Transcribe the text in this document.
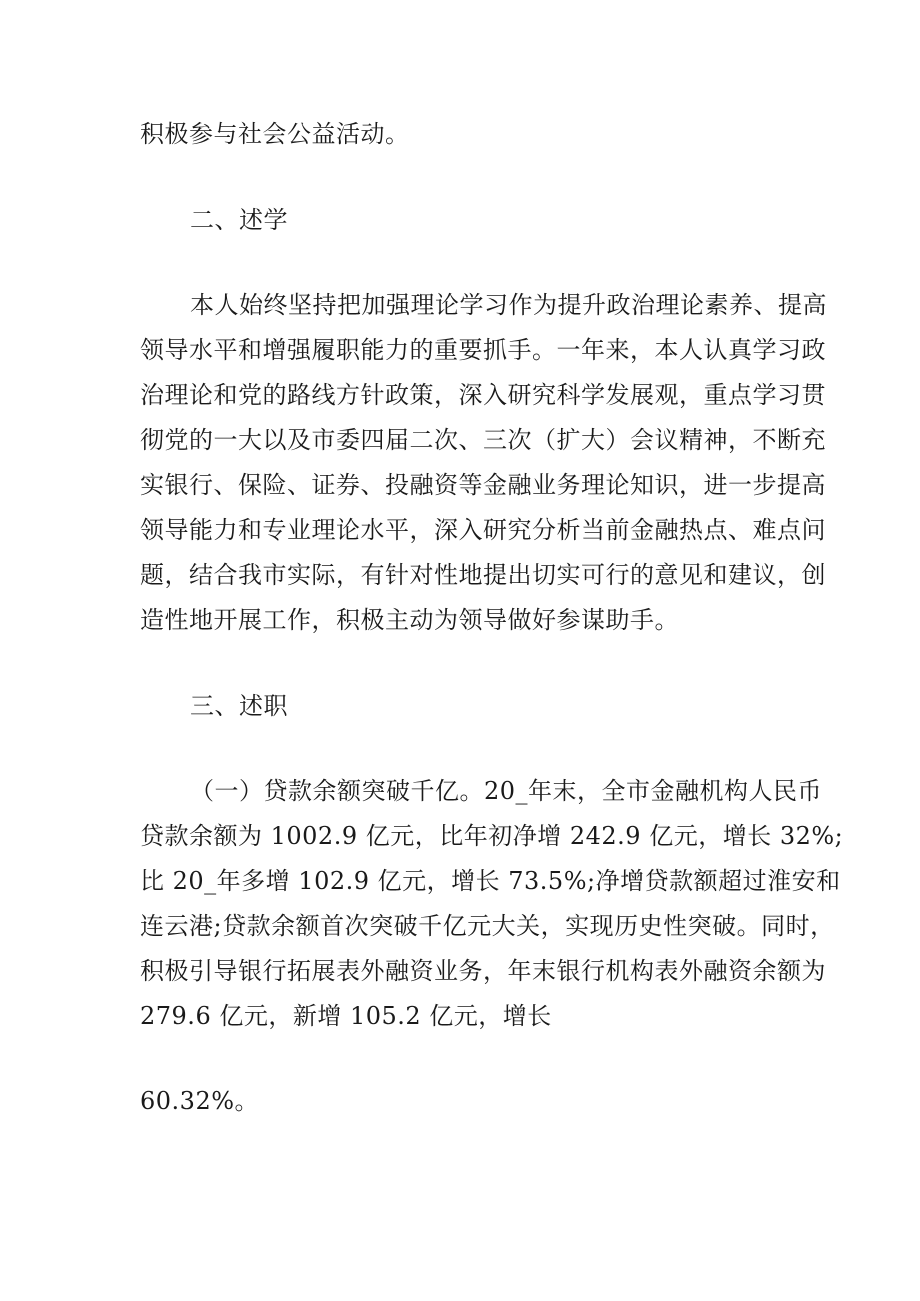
积极参与社会公益活动。
二、述学
本人始终坚持把加强理论学习作为提升政治理论素养、提高
领导水平和增强履职能力的重要抓手。一年来，本人认真学习政
治理论和党的路线方针政策，深入研究科学发展观，重点学习贯
彻党的一大以及市委四届二次、三次（扩大）会议精神，不断充
实银行、保险、证券、投融资等金融业务理论知识，进一步提高
领导能力和专业理论水平，深入研究分析当前金融热点、难点问
题，结合我市实际，有针对性地提出切实可行的意见和建议，创
造性地开展工作，积极主动为领导做好参谋助手。
三、述职
（一）贷款余额突破千亿。20_年末，全市金融机构人民币
贷款余额为 1002.9 亿元，比年初净增 242.9 亿元，增长 32%;
比 20_年多增 102.9 亿元，增长 73.5%;净增贷款额超过淮安和
连云港;贷款余额首次突破千亿元大关，实现历史性突破。同时，
积极引导银行拓展表外融资业务，年末银行机构表外融资余额为
279.6 亿元，新增 105.2 亿元，增长
60.32%。
